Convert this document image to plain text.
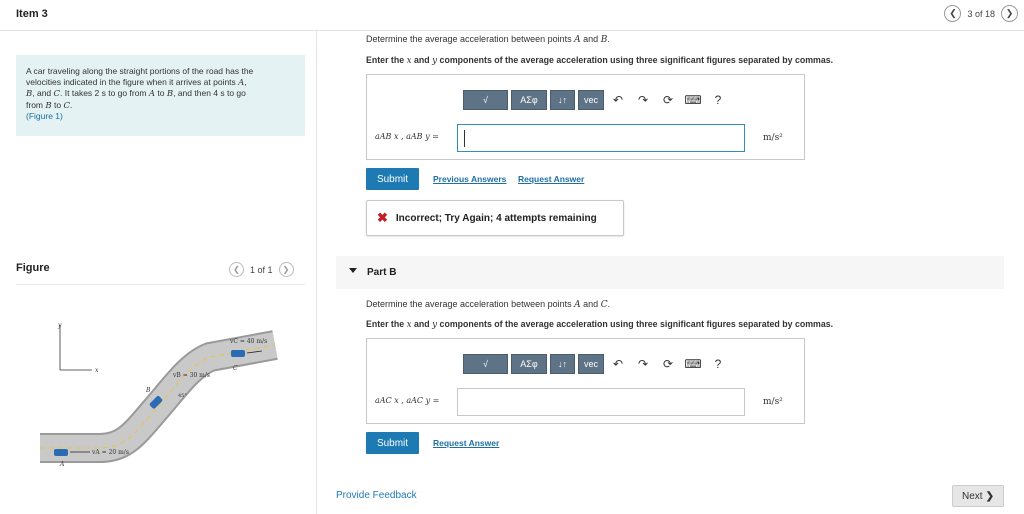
Item 3	❮ 3 of 18 ❯
A car traveling along the straight portions of the road has the
velocities indicated in the figure when it arrives at points A,
B, and C. It takes 2 s to go from A to B, and then 4 s to go
from B to C.
(Figure 1)
Figure	❮ 1 of 1 ❯
y
x
vA = 20 m/s
vC = 40 m/s
vB = 30 m/s
45°
A
B
C
Determine the average acceleration between points A and B.
Enter the x and y components of the average acceleration using three significant figures separated by commas.
√	ΑΣφ ↓↑ vec	↶	↷	⟳ ⌨ ?
aAB x , aAB y =	m/s²
Submit	Previous Answers Request Answer
✖ Incorrect; Try Again; 4 attempts remaining
Part B
Determine the average acceleration between points A and C.
Enter the x and y components of the average acceleration using three significant figures separated by commas.
√	ΑΣφ ↓↑ vec	↶	↷	⟳ ⌨ ?
aAC x , aAC y =	m/s²
Submit	Request Answer
Provide Feedback	Next ❯
